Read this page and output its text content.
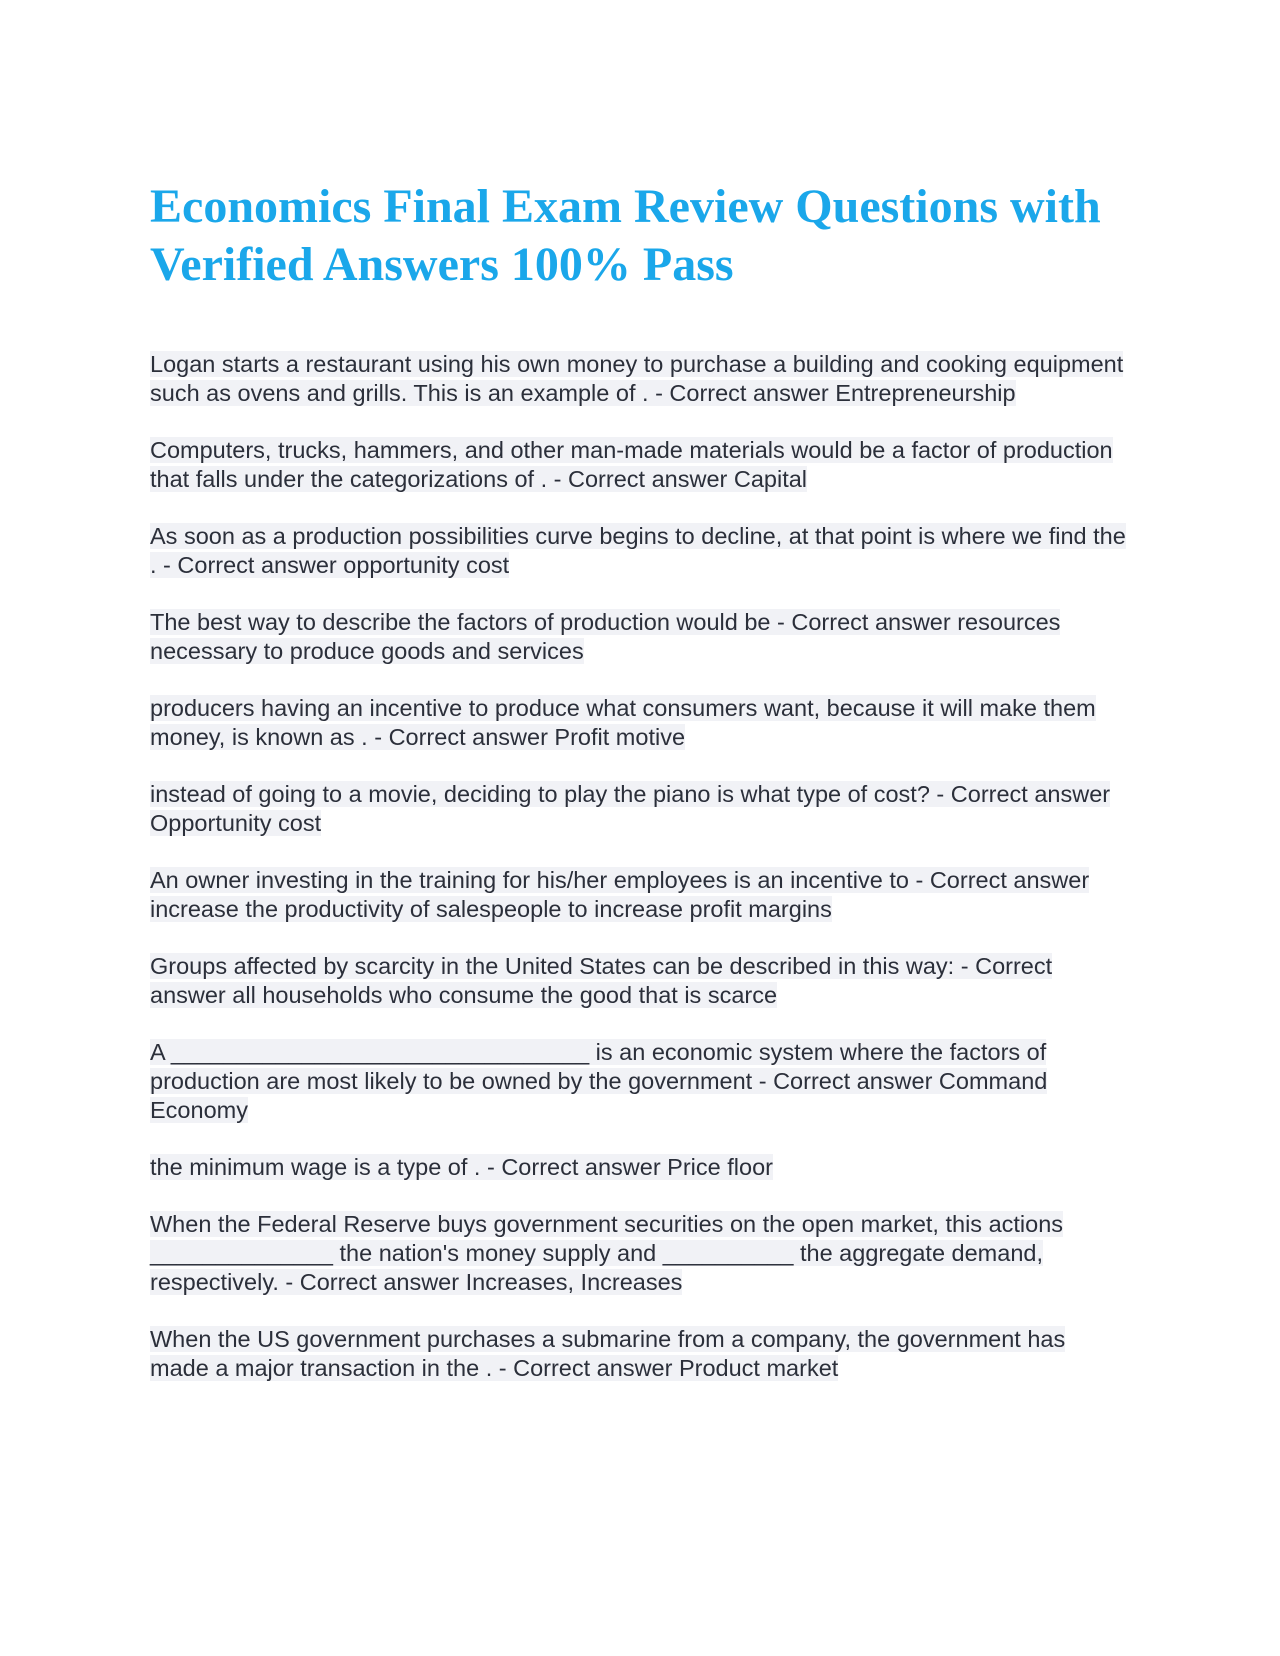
Economics Final Exam Review Questions with Verified Answers 100% Pass

Logan starts a restaurant using his own money to purchase a building and cooking equipment such as ovens and grills. This is an example of . - Correct answer Entrepreneurship

Computers, trucks, hammers, and other man-made materials would be a factor of production that falls under the categorizations of . - Correct answer Capital

As soon as a production possibilities curve begins to decline, at that point is where we find the . - Correct answer opportunity cost

The best way to describe the factors of production would be - Correct answer resources necessary to produce goods and services

producers having an incentive to produce what consumers want, because it will make them money, is known as . - Correct answer Profit motive

instead of going to a movie, deciding to play the piano is what type of cost? - Correct answer Opportunity cost

An owner investing in the training for his/her employees is an incentive to - Correct answer increase the productivity of salespeople to increase profit margins

Groups affected by scarcity in the United States can be described in this way: - Correct answer all households who consume the good that is scarce

A ________________________________ is an economic system where the factors of production are most likely to be owned by the government - Correct answer Command Economy

the minimum wage is a type of . - Correct answer Price floor

When the Federal Reserve buys government securities on the open market, this actions ______________ the nation's money supply and __________ the aggregate demand, respectively. - Correct answer Increases, Increases

When the US government purchases a submarine from a company, the government has made a major transaction in the . - Correct answer Product market
